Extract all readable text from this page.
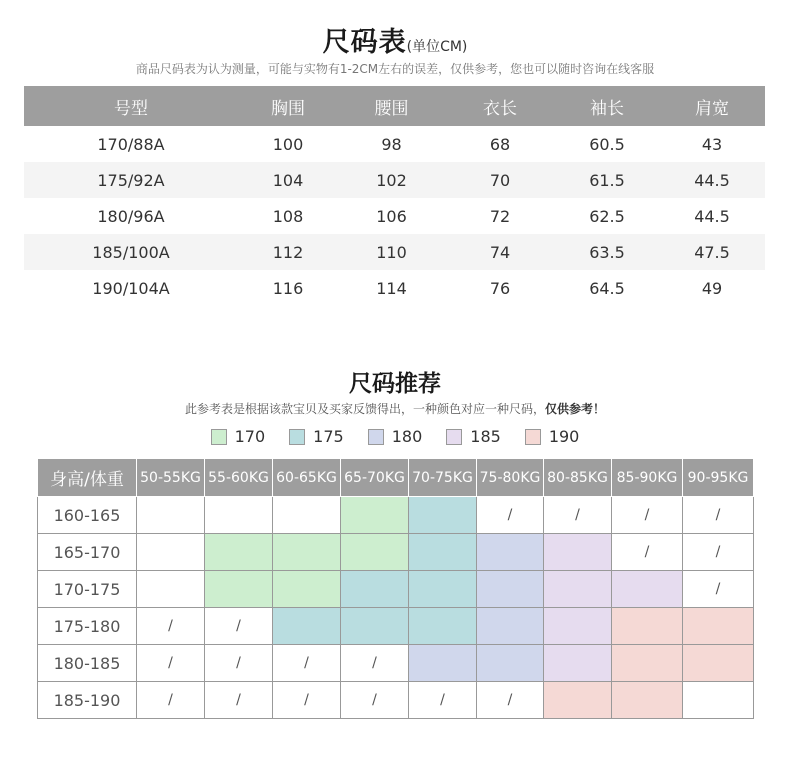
尺码表(单位CM)
商品尺码表为认为测量，可能与实物有1-2CM左右的误差，仅供参考，您也可以随时咨询在线客服
号型	胸围	腰围	衣长	袖长	肩宽
170/88A	100	98	68	60.5	43
175/92A	104	102	70	61.5	44.5
180/96A	108	106	72	62.5	44.5
185/100A	112	110	74	63.5	47.5
190/104A	116	114	76	64.5	49
尺码推荐
此参考表是根据该款宝贝及买家反馈得出，一种颜色对应一种尺码，仅供参考！
170	175	180	185	190
身高/体重	50-55KG	55-60KG	60-65KG	65-70KG	70-75KG	75-80KG	80-85KG	85-90KG	90-95KG
160-165						/	/	/	/
165-170								/	/
170-175									/
175-180	/	/							
180-185	/	/	/	/					
185-190	/	/	/	/	/	/			
